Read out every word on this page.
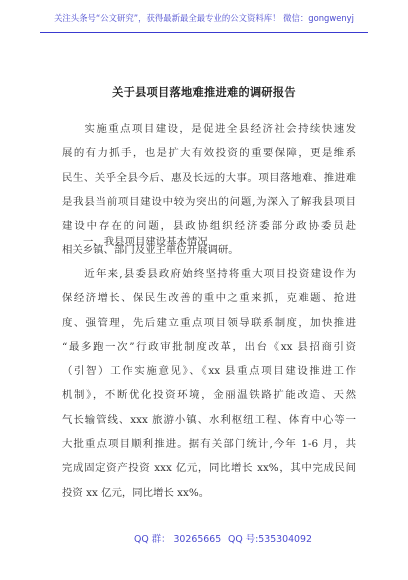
关注头条号“公文研究”，获得最新最全最专业的公文资料库！ 微信：gongwenyj
关于县项目落地难推进难的调研报告
实施重点项目建设，是促进全县经济社会持续快速发
展的有力抓手，也是扩大有效投资的重要保障，更是维系
民生、关乎全县今后、惠及长远的大事。项目落地难、推进难
是我县当前项目建设中较为突出的问题,为深入了解我县项目
建设中存在的问题，县政协组织经济委部分政协委员赴
相关乡镇、部门及业主单位开展调研。
一、我县项目建设基本情况
近年来,县委县政府始终坚持将重大项目投资建设作为
保经济增长、保民生改善的重中之重来抓，克难题、抢进
度、强管理，先后建立重点项目领导联系制度，加快推进
“最多跑一次”行政审批制度改革，出台《xx 县招商引资
（引智）工作实施意见》、《xx 县重点项目建设推进工作
机制》，不断优化投资环境，金丽温铁路扩能改造、天然
气长输管线、xxx 旅游小镇、水利枢纽工程、体育中心等一
大批重点项目顺利推进。据有关部门统计,今年 1-6 月，共
完成固定资产投资 xxx 亿元，同比增长 xx%，其中完成民间
投资 xx 亿元，同比增长 xx%。
QQ 群： 30265665 QQ 号:535304092
